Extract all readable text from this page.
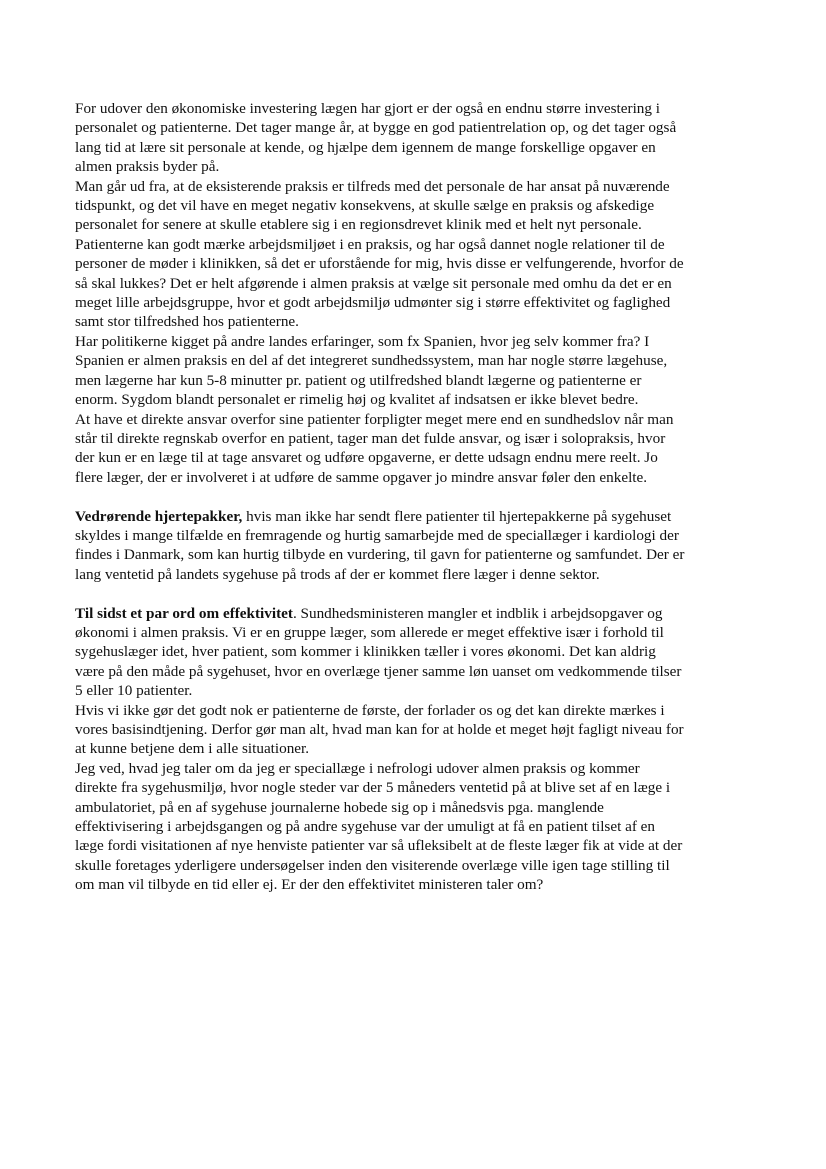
For udover den økonomiske investering lægen har gjort er der også en endnu større investering i
personalet og patienterne. Det tager mange år, at bygge en god patientrelation op, og det tager også
lang tid at lære sit personale at kende, og hjælpe dem igennem de mange forskellige opgaver en
almen praksis byder på.
Man går ud fra, at de eksisterende praksis er tilfreds med det personale de har ansat på nuværende
tidspunkt, og det vil have en meget negativ konsekvens, at skulle sælge en praksis og afskedige
personalet for senere at skulle etablere sig i en regionsdrevet klinik med et helt nyt personale.
Patienterne kan godt mærke arbejdsmiljøet i en praksis, og har også dannet nogle relationer til de
personer de møder i klinikken, så det er uforstående for mig, hvis disse er velfungerende, hvorfor de
så skal lukkes? Det er helt afgørende i almen praksis at vælge sit personale med omhu da det er en
meget lille arbejdsgruppe, hvor et godt arbejdsmiljø udmønter sig i større effektivitet og faglighed
samt stor tilfredshed hos patienterne.
Har politikerne kigget på andre landes erfaringer, som fx Spanien, hvor jeg selv kommer fra? I
Spanien er almen praksis en del af det integreret sundhedssystem, man har nogle større lægehuse,
men lægerne har kun 5-8 minutter pr. patient og utilfredshed blandt lægerne og patienterne er
enorm. Sygdom blandt personalet er rimelig høj og kvalitet af indsatsen er ikke blevet bedre.
At have et direkte ansvar overfor sine patienter forpligter meget mere end en sundhedslov når man
står til direkte regnskab overfor en patient, tager man det fulde ansvar, og især i solopraksis, hvor
der kun er en læge til at tage ansvaret og udføre opgaverne, er dette udsagn endnu mere reelt. Jo
flere læger, der er involveret i at udføre de samme opgaver jo mindre ansvar føler den enkelte.
Vedrørende hjertepakker, hvis man ikke har sendt flere patienter til hjertepakkerne på sygehuset
skyldes i mange tilfælde en fremragende og hurtig samarbejde med de speciallæger i kardiologi der
findes i Danmark, som kan hurtig tilbyde en vurdering, til gavn for patienterne og samfundet. Der er
lang ventetid på landets sygehuse på trods af der er kommet flere læger i denne sektor.
Til sidst et par ord om effektivitet. Sundhedsministeren mangler et indblik i arbejdsopgaver og
økonomi i almen praksis. Vi er en gruppe læger, som allerede er meget effektive især i forhold til
sygehuslæger idet, hver patient, som kommer i klinikken tæller i vores økonomi. Det kan aldrig
være på den måde på sygehuset, hvor en overlæge tjener samme løn uanset om vedkommende tilser
5 eller 10 patienter.
Hvis vi ikke gør det godt nok er patienterne de første, der forlader os og det kan direkte mærkes i
vores basisindtjening. Derfor gør man alt, hvad man kan for at holde et meget højt fagligt niveau for
at kunne betjene dem i alle situationer.
Jeg ved, hvad jeg taler om da jeg er speciallæge i nefrologi udover almen praksis og kommer
direkte fra sygehusmiljø, hvor nogle steder var der 5 måneders ventetid på at blive set af en læge i
ambulatoriet, på en af sygehuse journalerne hobede sig op i månedsvis pga. manglende
effektivisering i arbejdsgangen og på andre sygehuse var der umuligt at få en patient tilset af en
læge fordi visitationen af nye henviste patienter var så ufleksibelt at de fleste læger fik at vide at der
skulle foretages yderligere undersøgelser inden den visiterende overlæge ville igen tage stilling til
om man vil tilbyde en tid eller ej. Er der den effektivitet ministeren taler om?
